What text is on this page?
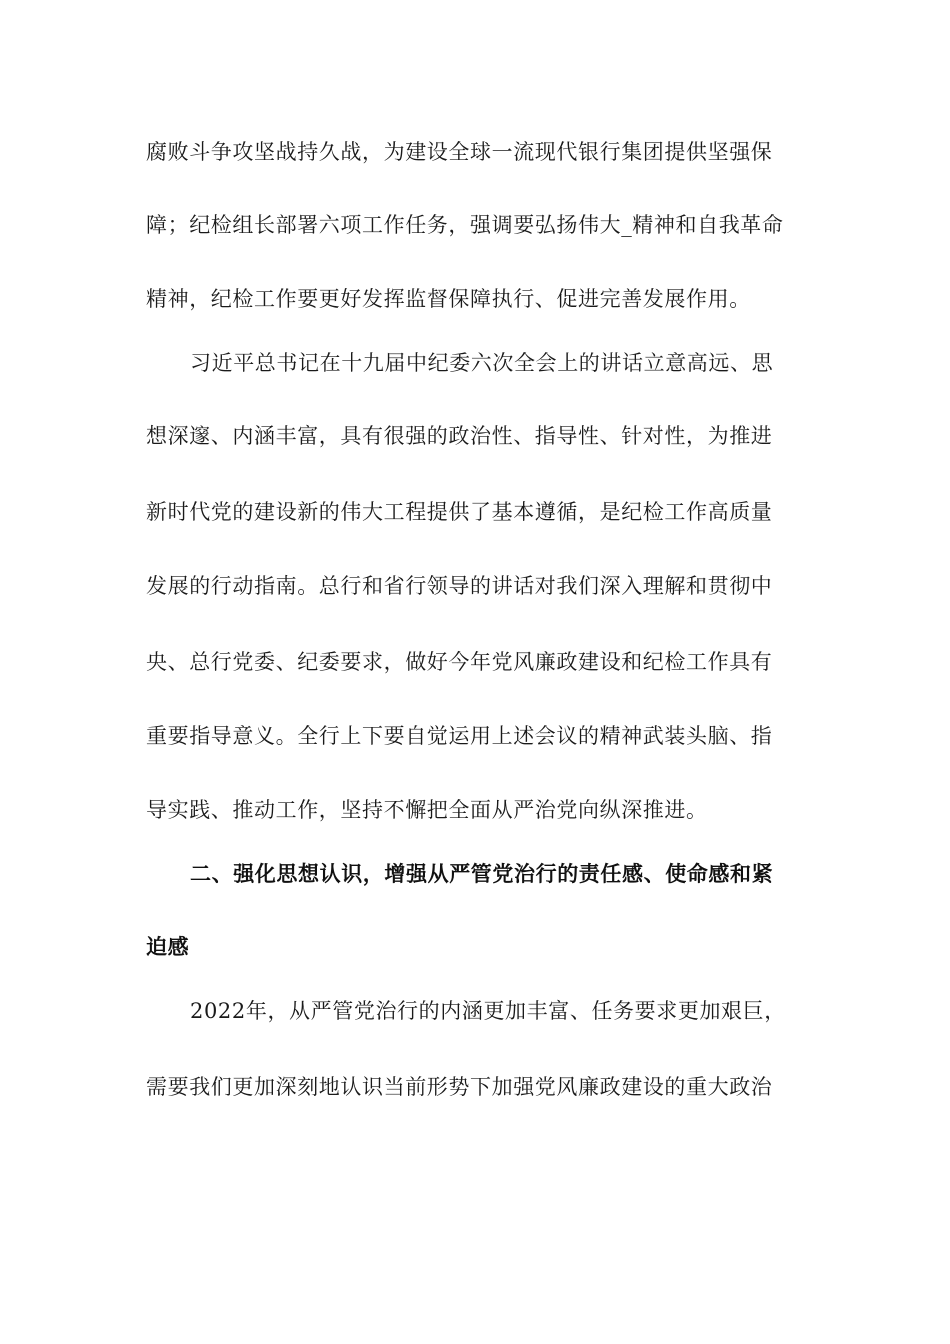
腐败斗争攻坚战持久战，为建设全球一流现代银行集团提供坚强保
障；纪检组长部署六项工作任务，强调要弘扬伟大_精神和自我革命
精神，纪检工作要更好发挥监督保障执行、促进完善发展作用。
习近平总书记在十九届中纪委六次全会上的讲话立意高远、思
想深邃、内涵丰富，具有很强的政治性、指导性、针对性，为推进
新时代党的建设新的伟大工程提供了基本遵循，是纪检工作高质量
发展的行动指南。总行和省行领导的讲话对我们深入理解和贯彻中
央、总行党委、纪委要求，做好今年党风廉政建设和纪检工作具有
重要指导意义。全行上下要自觉运用上述会议的精神武装头脑、指
导实践、推动工作，坚持不懈把全面从严治党向纵深推进。
二、强化思想认识，增强从严管党治行的责任感、使命感和紧
迫感
2022年，从严管党治行的内涵更加丰富、任务要求更加艰巨，
需要我们更加深刻地认识当前形势下加强党风廉政建设的重大政治
